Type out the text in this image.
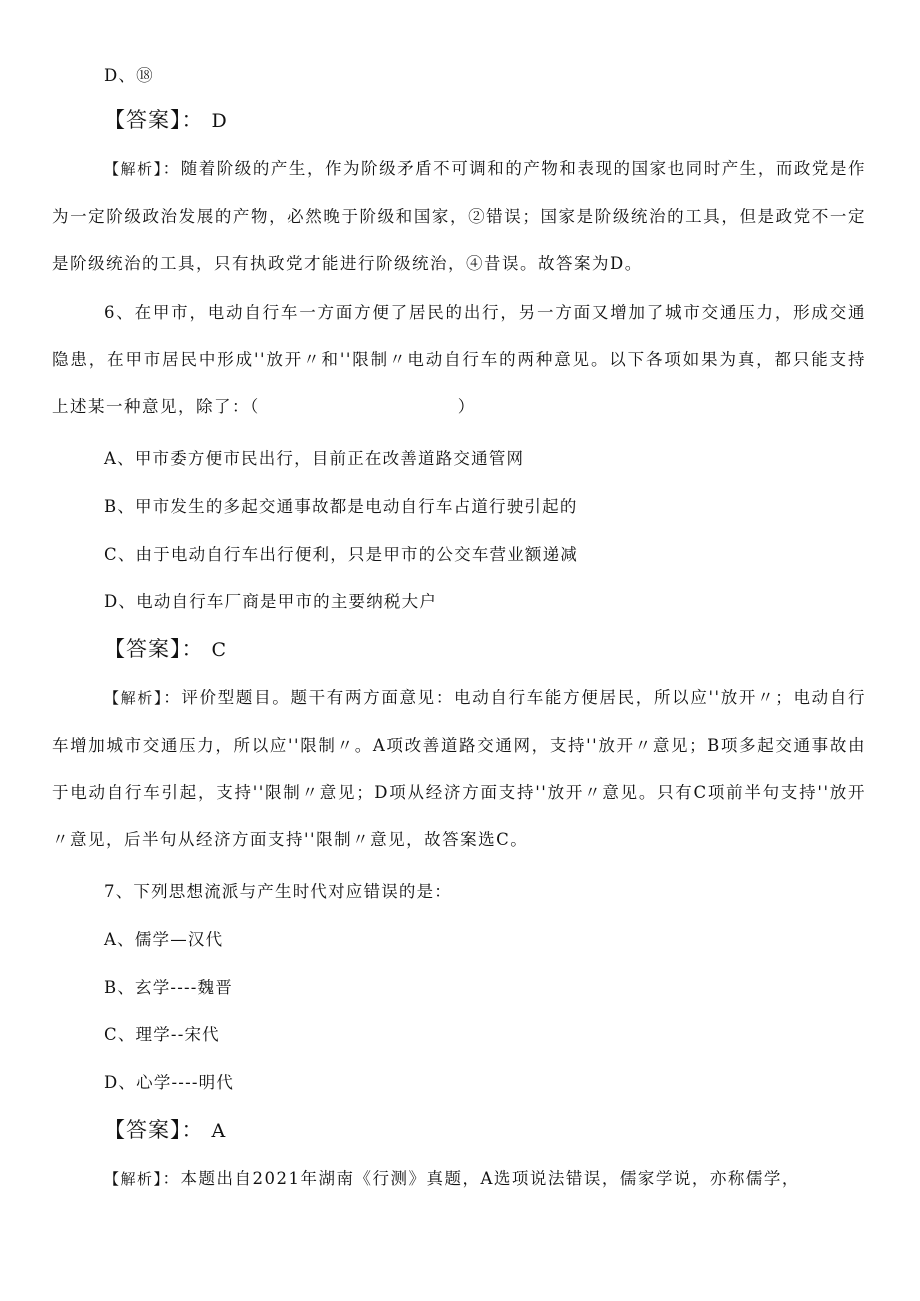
D、⑱
【答案】： D
【解析】：随着阶级的产生，作为阶级矛盾不可调和的产物和表现的国家也同时产生，而政党是作为一定阶级政治发展的产物，必然晚于阶级和国家，②错误；国家是阶级统治的工具，但是政党不一定是阶级统治的工具，只有执政党才能进行阶级统治，④昔误。故答案为D。
6、在甲市，电动自行车一方面方便了居民的出行，另一方面又增加了城市交通压力，形成交通隐患，在甲市居民中形成''放开〃和''限制〃电动自行车的两种意见。以下各项如果为真，都只能支持上述某一种意见，除了：（　　　　　　　　　　　）
A、甲市委方便市民出行，目前正在改善道路交通管网
B、甲市发生的多起交通事故都是电动自行车占道行驶引起的
C、由于电动自行车出行便利，只是甲市的公交车营业额递减
D、电动自行车厂商是甲市的主要纳税大户
【答案】： C
【解析】：评价型题目。题干有两方面意见：电动自行车能方便居民，所以应''放开〃；电动自行车增加城市交通压力，所以应''限制〃。A项改善道路交通网，支持''放开〃意见；B项多起交通事故由于电动自行车引起，支持''限制〃意见；D项从经济方面支持''放开〃意见。只有C项前半句支持''放开〃意见，后半句从经济方面支持''限制〃意见，故答案选C。
7、下列思想流派与产生时代对应错误的是：
A、儒学—汉代
B、玄学----魏晋
C、理学--宋代
D、心学----明代
【答案】： A
【解析】：本题出自2021年湖南《行测》真题，A选项说法错误，儒家学说，亦称儒学，
